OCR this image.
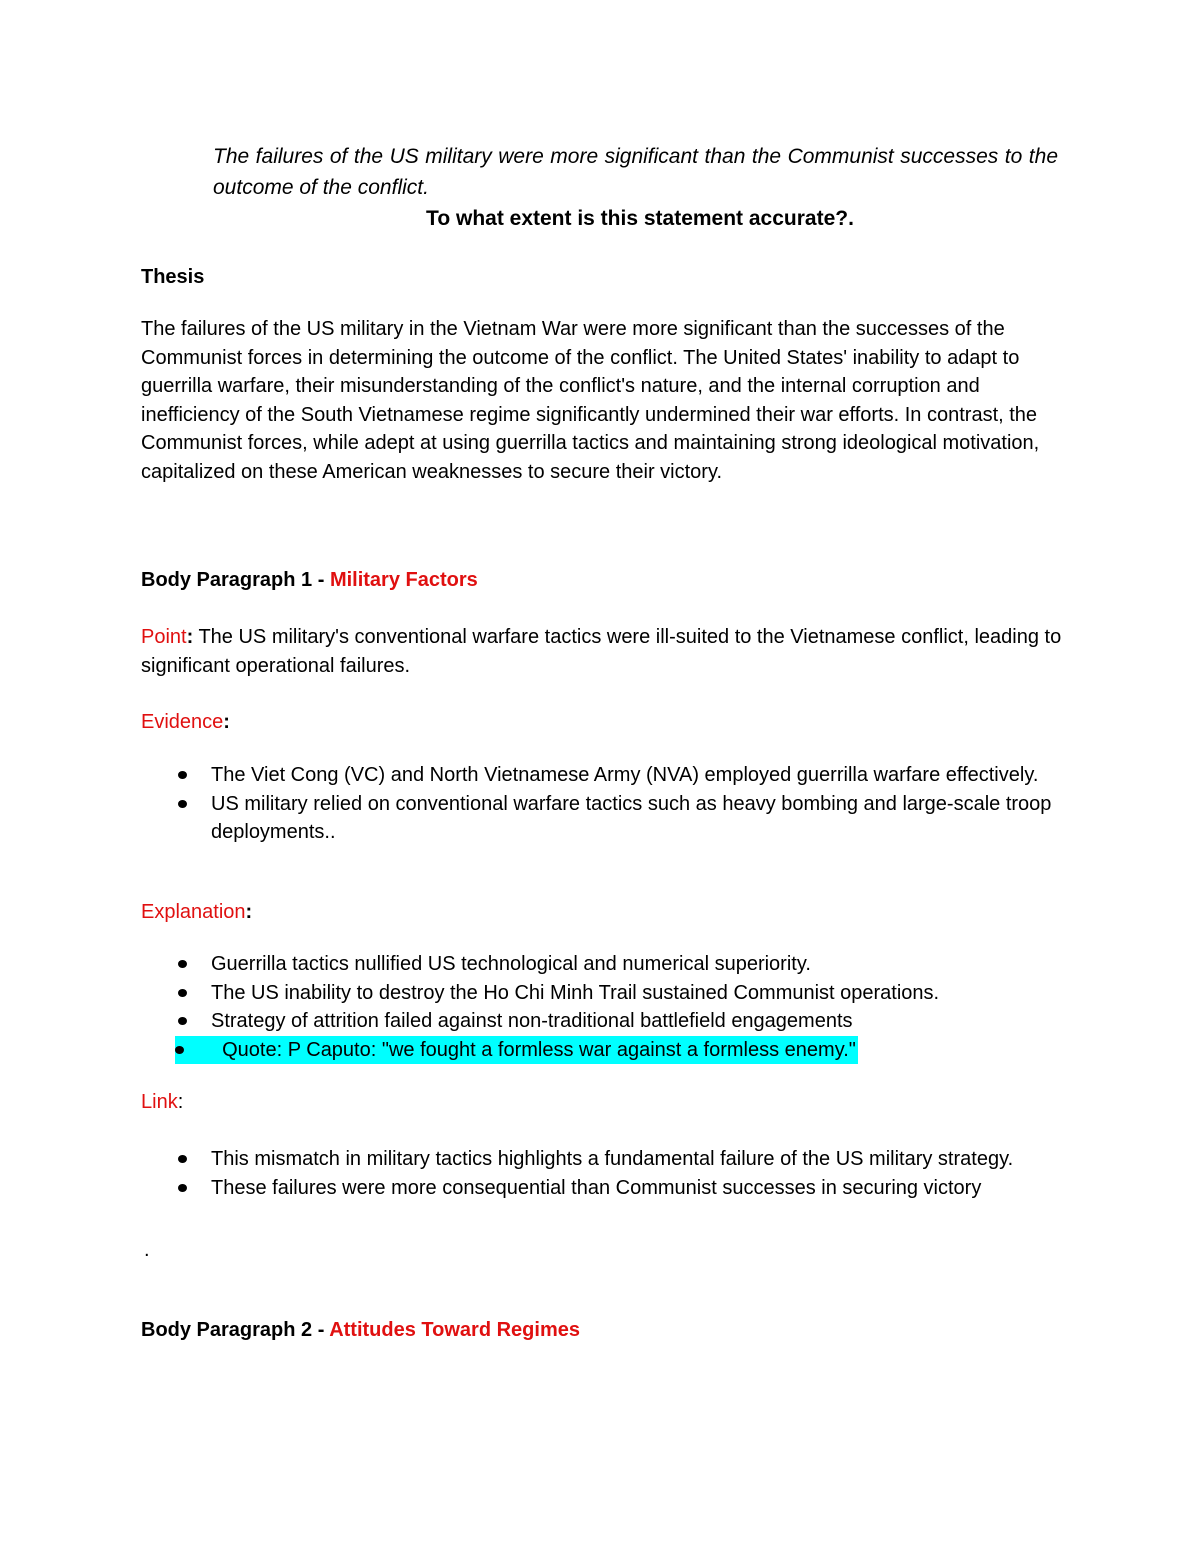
The failures of the US military were more significant than the Communist successes to the outcome of the conflict.
To what extent is this statement accurate?.
Thesis
The failures of the US military in the Vietnam War were more significant than the successes of the Communist forces in determining the outcome of the conflict. The United States' inability to adapt to guerrilla warfare, their misunderstanding of the conflict's nature, and the internal corruption and inefficiency of the South Vietnamese regime significantly undermined their war efforts. In contrast, the Communist forces, while adept at using guerrilla tactics and maintaining strong ideological motivation, capitalized on these American weaknesses to secure their victory.
Body Paragraph 1 - Military Factors
Point: The US military's conventional warfare tactics were ill-suited to the Vietnamese conflict, leading to significant operational failures.
Evidence:
The Viet Cong (VC) and North Vietnamese Army (NVA) employed guerrilla warfare effectively.
US military relied on conventional warfare tactics such as heavy bombing and large-scale troop deployments..
Explanation:
Guerrilla tactics nullified US technological and numerical superiority.
The US inability to destroy the Ho Chi Minh Trail sustained Communist operations.
Strategy of attrition failed against non-traditional battlefield engagements
Quote: P Caputo: "we fought a formless war against a formless enemy."
Link:
This mismatch in military tactics highlights a fundamental failure of the US military strategy.
These failures were more consequential than Communist successes in securing victory
.
Body Paragraph 2 - Attitudes Toward Regimes
